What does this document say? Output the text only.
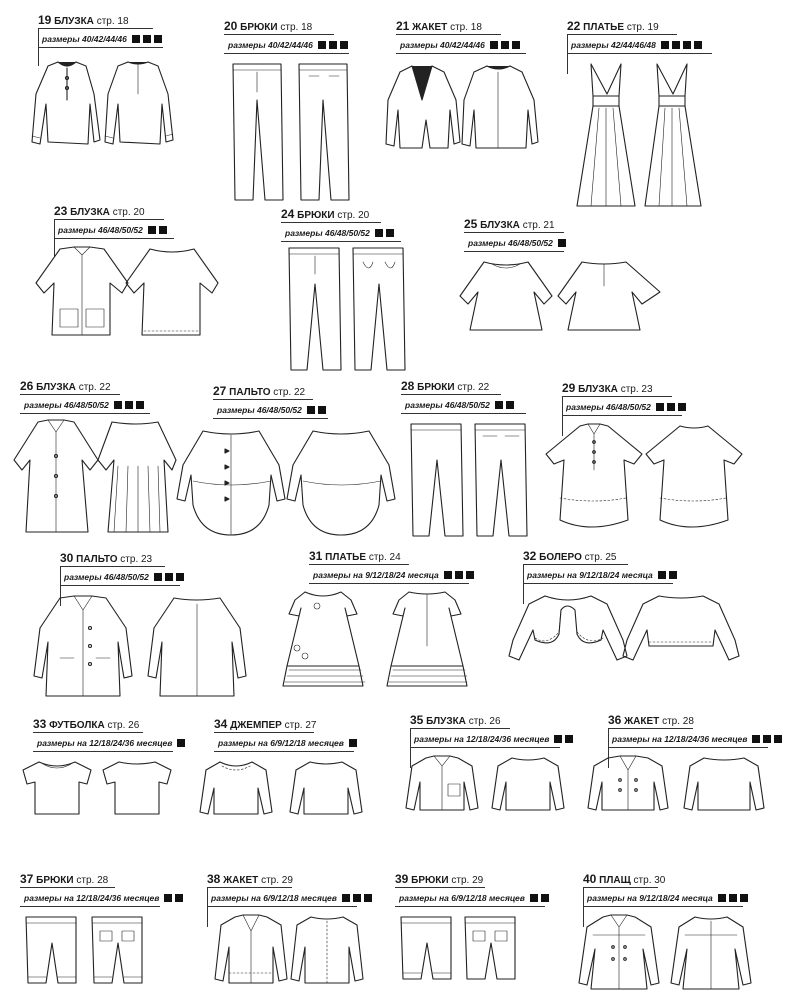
19 БЛУЗКА стр. 18
размеры 40/42/44/46
20 БРЮКИ стр. 18
размеры 40/42/44/46
21 ЖАКЕТ стр. 18
размеры 40/42/44/46
22 ПЛАТЬЕ стр. 19
размеры 42/44/46/48
23 БЛУЗКА стр. 20
размеры 46/48/50/52
24 БРЮКИ стр. 20
размеры 46/48/50/52
25 БЛУЗКА стр. 21
размеры 46/48/50/52
26 БЛУЗКА стр. 22
размеры 46/48/50/52
27 ПАЛЬТО стр. 22
размеры 46/48/50/52
28 БРЮКИ стр. 22
размеры 46/48/50/52
29 БЛУЗКА стр. 23
размеры 46/48/50/52
30 ПАЛЬТО стр. 23
размеры 46/48/50/52
31 ПЛАТЬЕ стр. 24
размеры на 9/12/18/24 месяца
32 БОЛЕРО стр. 25
размеры на 9/12/18/24 месяца
33 ФУТБОЛКА стр. 26
размеры на 12/18/24/36 месяцев
34 ДЖЕМПЕР стр. 27
размеры на 6/9/12/18 месяцев
35 БЛУЗКА стр. 26
размеры на 12/18/24/36 месяцев
36 ЖАКЕТ стр. 28
размеры на 12/18/24/36 месяцев
37 БРЮКИ стр. 28
размеры на 12/18/24/36 месяцев
38 ЖАКЕТ стр. 29
размеры на 6/9/12/18 месяцев
39 БРЮКИ стр. 29
размеры на 6/9/12/18 месяцев
40 ПЛАЩ стр. 30
размеры на 9/12/18/24 месяца
